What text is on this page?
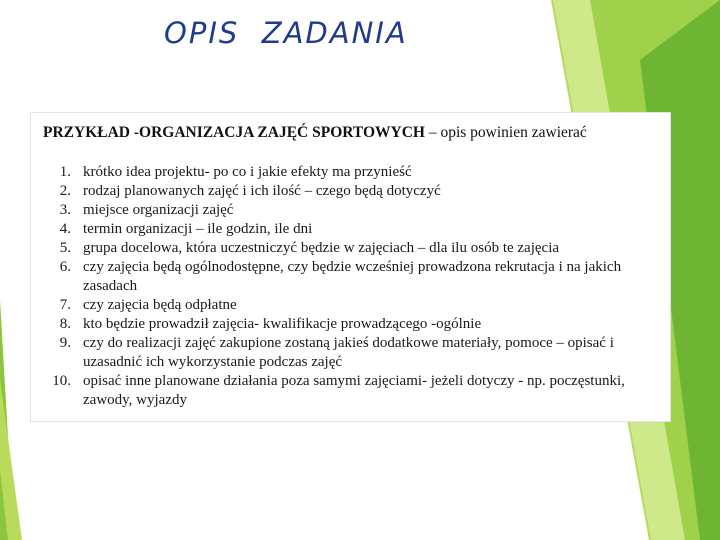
OPIS  ZADANIA
PRZYKŁAD -ORGANIZACJA ZAJĘĆ SPORTOWYCH – opis powinien zawierać
1. krótko idea projektu- po co i jakie efekty ma przynieść
2. rodzaj planowanych zajęć i ich ilość – czego będą dotyczyć
3. miejsce organizacji zajęć
4. termin organizacji – ile godzin, ile dni
5. grupa docelowa, która uczestniczyć będzie w zajęciach – dla ilu osób te zajęcia
6. czy zajęcia będą ogólnodostępne, czy będzie wcześniej prowadzona rekrutacja i na jakich zasadach
7. czy zajęcia będą odpłatne
8. kto będzie prowadził zajęcia- kwalifikacje prowadzącego -ogólnie
9. czy do realizacji zajęć zakupione zostaną jakieś dodatkowe materiały, pomoce – opisać i uzasadnić ich wykorzystanie podczas zajęć
10. opisać inne planowane działania poza samymi zajęciami- jeżeli dotyczy - np. poczęstunki, zawody, wyjazdy
